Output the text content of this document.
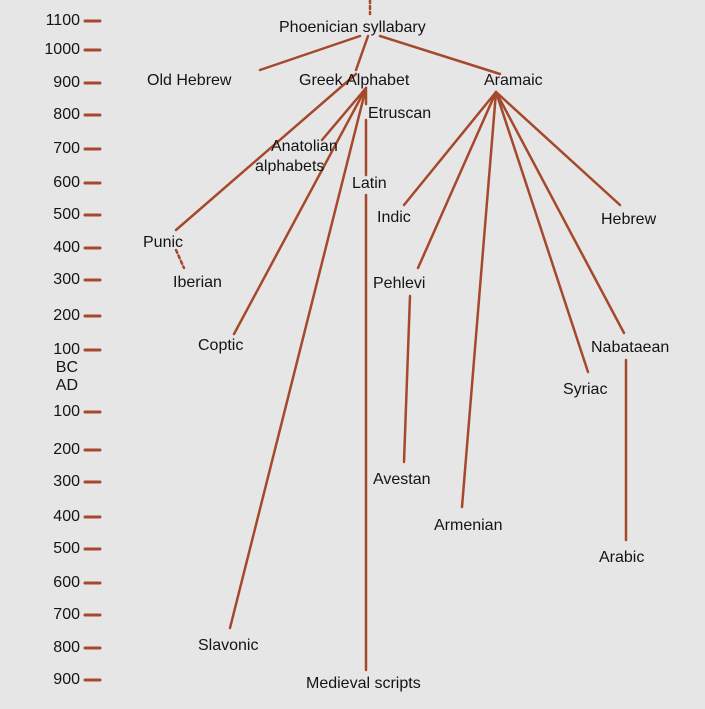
1100
1000
900
800
700
600
500
400
300
200
100
BC
AD
100
200
300
400
500
600
700
800
900
Phoenician syllabary
Old Hebrew	Greek Alphabet	Aramaic
Etruscan
Anatolian
alphabets
Latin
Indic	Hebrew
Punic
Iberian	Pehlevi
Coptic	Nabataean
Syriac
Avestan
Armenian
Arabic
Slavonic
Medieval scripts
